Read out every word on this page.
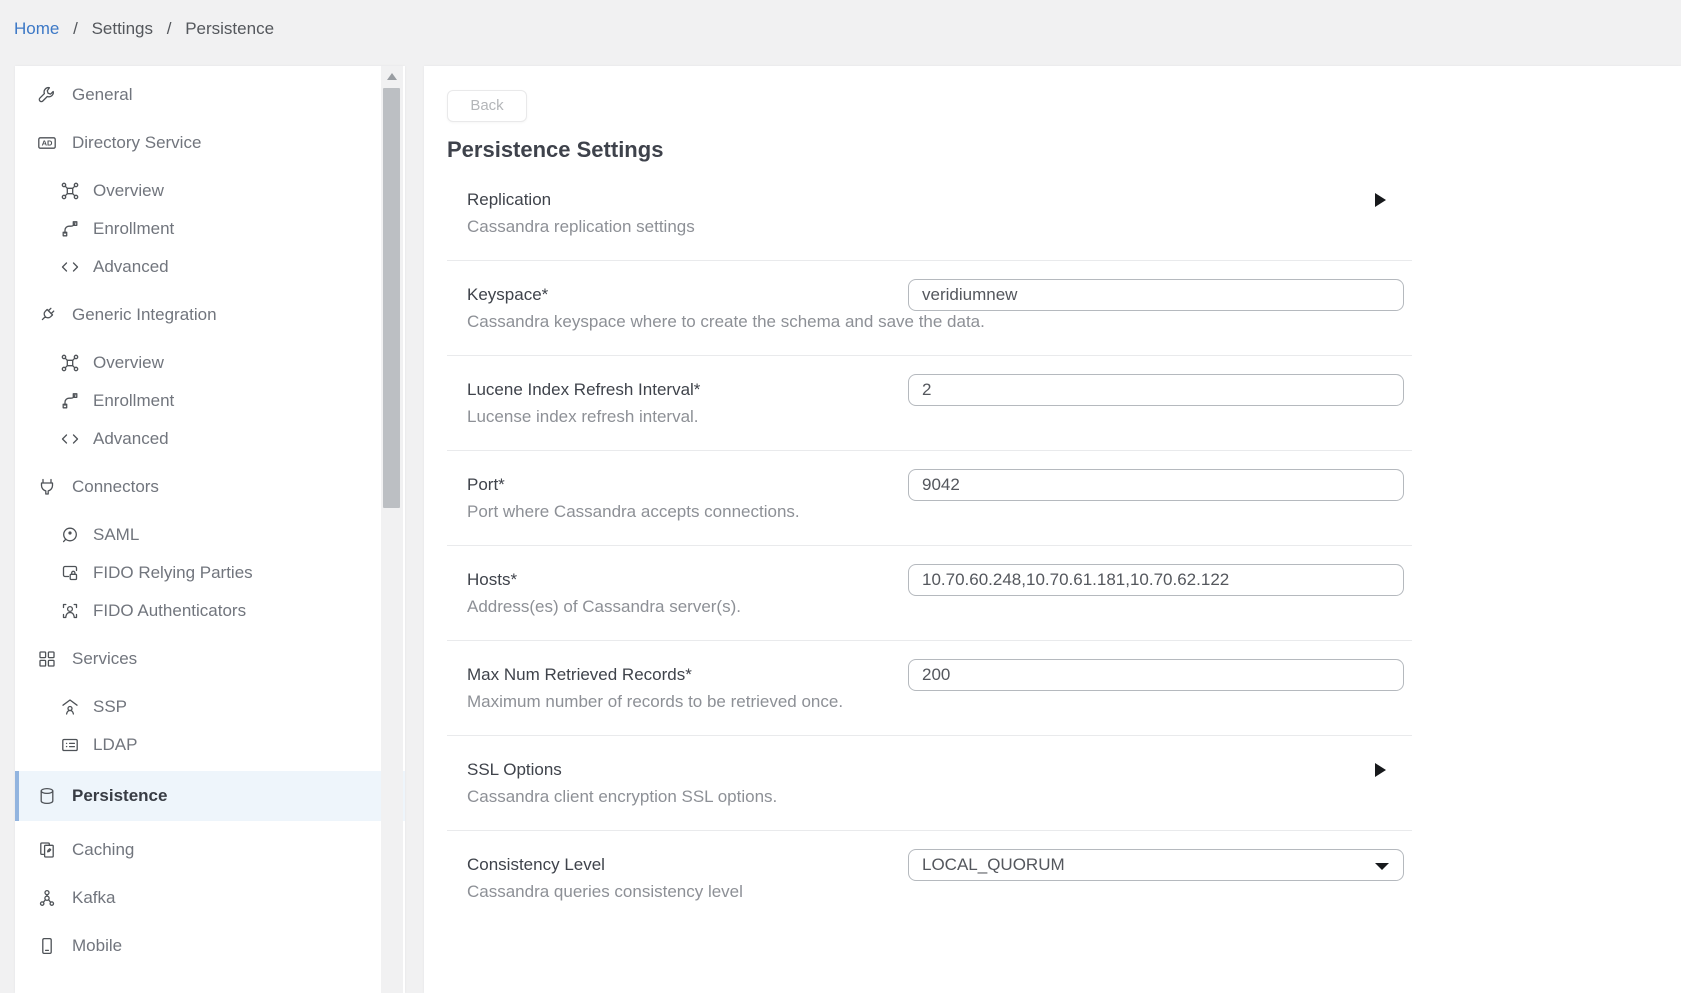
Home / Settings / Persistence
General
AD Directory Service
Overview
Enrollment
Advanced
Generic Integration
Overview
Enrollment
Advanced
Connectors
SAML
FIDO Relying Parties
FIDO Authenticators
Services
SSP
LDAP
Persistence
Caching
Kafka
Mobile
Back
Persistence Settings
Replication
Cassandra replication settings
Keyspace*
Cassandra keyspace where to create the schema and save the data.
veridiumnew
Lucene Index Refresh Interval*
Lucense index refresh interval.
2
Port*
Port where Cassandra accepts connections.
9042
Hosts*
Address(es) of Cassandra server(s).
10.70.60.248,10.70.61.181,10.70.62.122
Max Num Retrieved Records*
Maximum number of records to be retrieved once.
200
SSL Options
Cassandra client encryption SSL options.
Consistency Level
Cassandra queries consistency level
LOCAL_QUORUM
